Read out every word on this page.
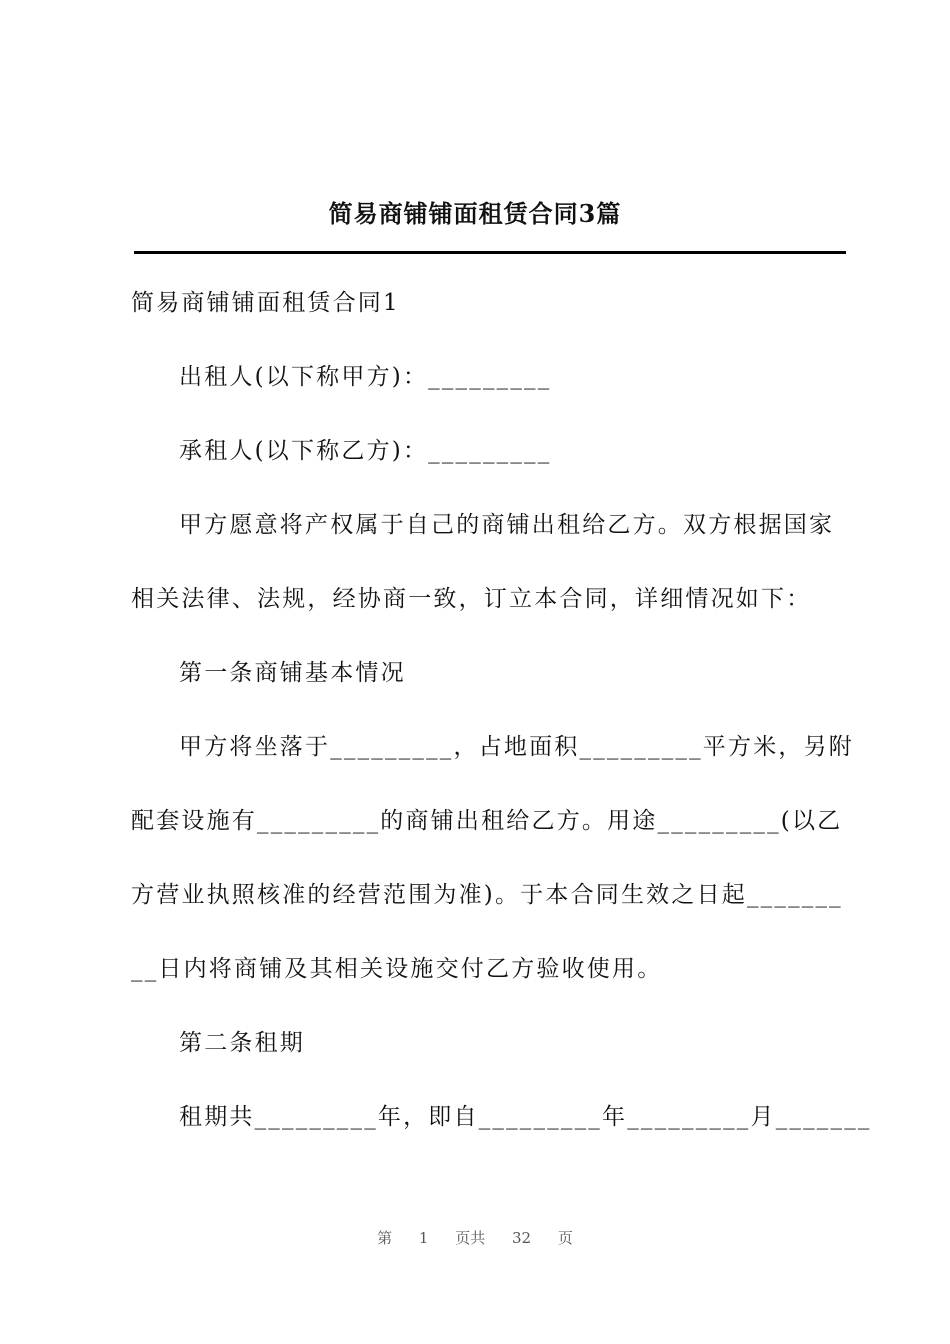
简易商铺铺面租赁合同3篇
简易商铺铺面租赁合同1
出租人(以下称甲方)：_________
承租人(以下称乙方)：_________
甲方愿意将产权属于自己的商铺出租给乙方。双方根据国家
相关法律、法规，经协商一致，订立本合同，详细情况如下：
第一条商铺基本情况
甲方将坐落于_________，占地面积_________平方米，另附
配套设施有_________的商铺出租给乙方。用途_________(以乙
方营业执照核准的经营范围为准)。于本合同生效之日起_______
__日内将商铺及其相关设施交付乙方验收使用。
第二条租期
租期共_________年，即自_________年_________月_______
第 1 页共 32 页
